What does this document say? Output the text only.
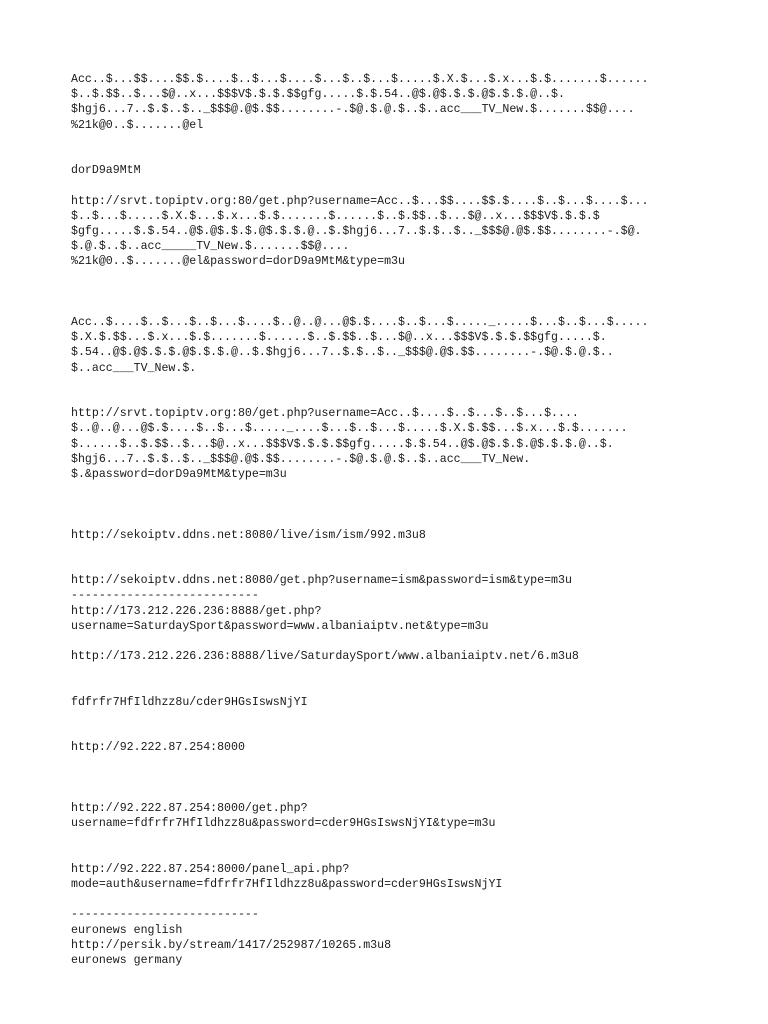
Acc..$...$$....$$.$....$..$...$....$...$..$...$.....$.X.$...$.x...$.$.......$......
$..$.$$..$...$@..x...$$$V$.$.$.$$gfg.....$.$.54..@$.@$.$.$.@$.$.$.@..$.
$hgj6...7..$.$..$.._$$$@.@$.$$........-.$@.$.@.$..$..acc___TV_New.$.......$$@....
%21k@0..$.......@el
dorD9a9MtM
http://srvt.topiptv.org:80/get.php?username=Acc..$...$$....$$.$....$..$...$....$...
$..$...$.....$.X.$...$.x...$.$.......$......$..$.$$..$...$@..x...$$$V$.$.$.$
$gfg.....$.$.54..@$.@$.$.$.@$.$.$.@..$.$hgj6...7..$.$..$.._$$$@.@$.$$........-.$@.
$.@.$..$..acc_____TV_New.$.......$$@....
%21k@0..$.......@el&password=dorD9a9MtM&type=m3u
Acc..$....$..$...$..$...$....$..@..@...@$.$....$..$...$....._.....$...$..$...$.....
$.X.$.$$...$.x...$.$.......$......$..$.$$..$...$@..x...$$$V$.$.$.$$gfg.....$.
$.54..@$.@$.$.$.@$.$.$.@..$.$hgj6...7..$.$..$.._$$$@.@$.$$........-.$@.$.@.$..
$..acc___TV_New.$.
http://srvt.topiptv.org:80/get.php?username=Acc..$....$..$...$..$...$....
$..@..@...@$.$....$..$...$....._....$...$..$...$.....$.X.$.$$...$.x...$.$.......
$......$..$.$$..$...$@..x...$$$V$.$.$.$$gfg.....$.$.54..@$.@$.$.$.@$.$.$.@..$.
$hgj6...7..$.$..$.._$$$@.@$.$$........-.$@.$.@.$..$..acc___TV_New.
$.&password=dorD9a9MtM&type=m3u
http://sekoiptv.ddns.net:8080/live/ism/ism/992.m3u8
http://sekoiptv.ddns.net:8080/get.php?username=ism&password=ism&type=m3u
---------------------------
http://173.212.226.236:8888/get.php?
username=SaturdaySport&password=www.albaniaiptv.net&type=m3u
http://173.212.226.236:8888/live/SaturdaySport/www.albaniaiptv.net/6.m3u8
fdfrfr7HfIldhzz8u/cder9HGsIswsNjYI
http://92.222.87.254:8000
http://92.222.87.254:8000/get.php?
username=fdfrfr7HfIldhzz8u&password=cder9HGsIswsNjYI&type=m3u
http://92.222.87.254:8000/panel_api.php?
mode=auth&username=fdfrfr7HfIldhzz8u&password=cder9HGsIswsNjYI
---------------------------
euronews english
http://persik.by/stream/1417/252987/10265.m3u8
euronews germany
